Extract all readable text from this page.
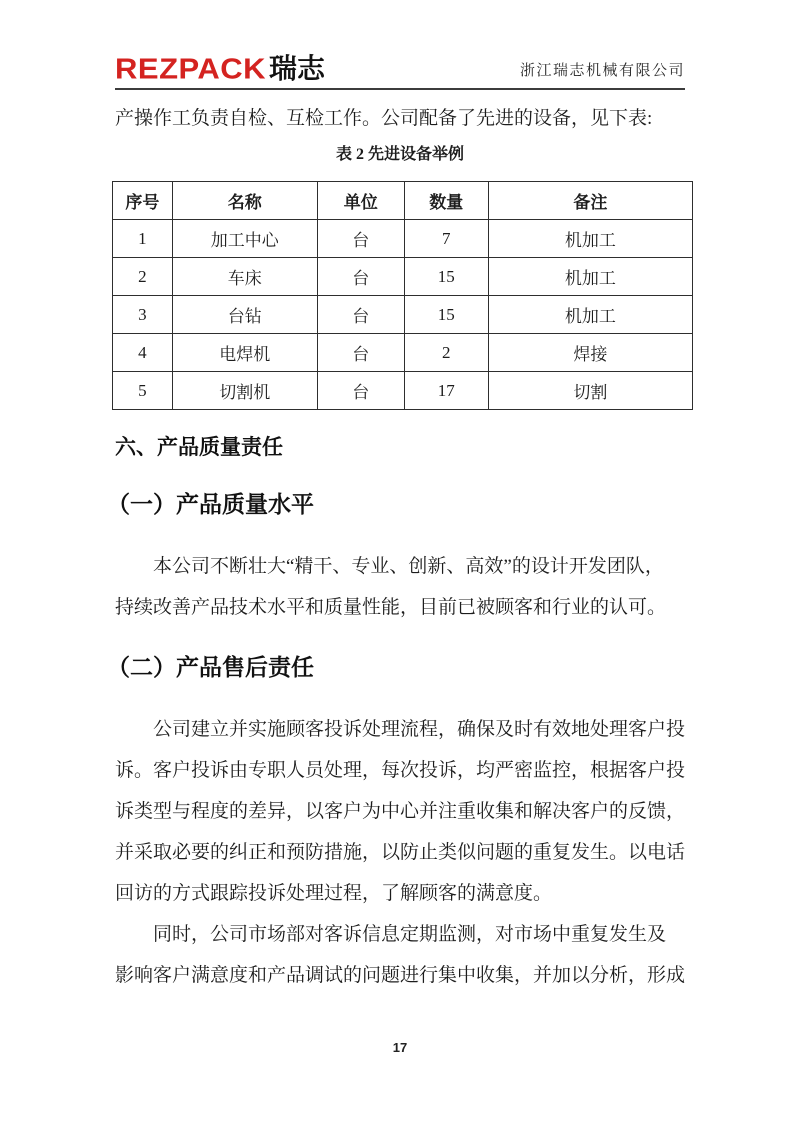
REZPACK 瑞志	浙江瑞志机械有限公司
产操作工负责自检、互检工作。公司配备了先进的设备，见下表:
表 2 先进设备举例
序号	名称	单位	数量	备注
1	加工中心	台	7	机加工
2	车床	台	15	机加工
3	台钻	台	15	机加工
4	电焊机	台	2	焊接
5	切割机	台	17	切割
六、产品质量责任
（一）产品质量水平
本公司不断壮大“精干、专业、创新、高效”的设计开发团队，
持续改善产品技术水平和质量性能，目前已被顾客和行业的认可。
（二）产品售后责任
公司建立并实施顾客投诉处理流程，确保及时有效地处理客户投
诉。客户投诉由专职人员处理，每次投诉，均严密监控，根据客户投
诉类型与程度的差异，以客户为中心并注重收集和解决客户的反馈，
并采取必要的纠正和预防措施，以防止类似问题的重复发生。以电话
回访的方式跟踪投诉处理过程，了解顾客的满意度。
同时，公司市场部对客诉信息定期监测，对市场中重复发生及
影响客户满意度和产品调试的问题进行集中收集，并加以分析，形成
17
